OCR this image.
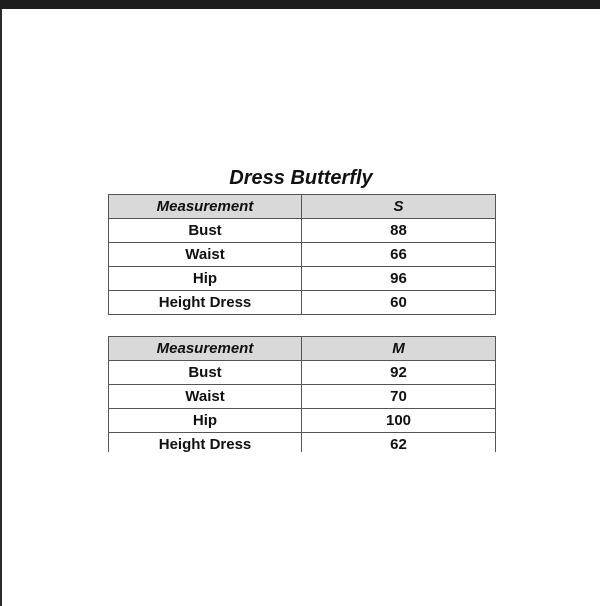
Dress Butterfly
Measurement	S
Bust	88
Waist	66
Hip	96
Height Dress	60
Measurement	M
Bust	92
Waist	70
Hip	100
Height Dress	62
